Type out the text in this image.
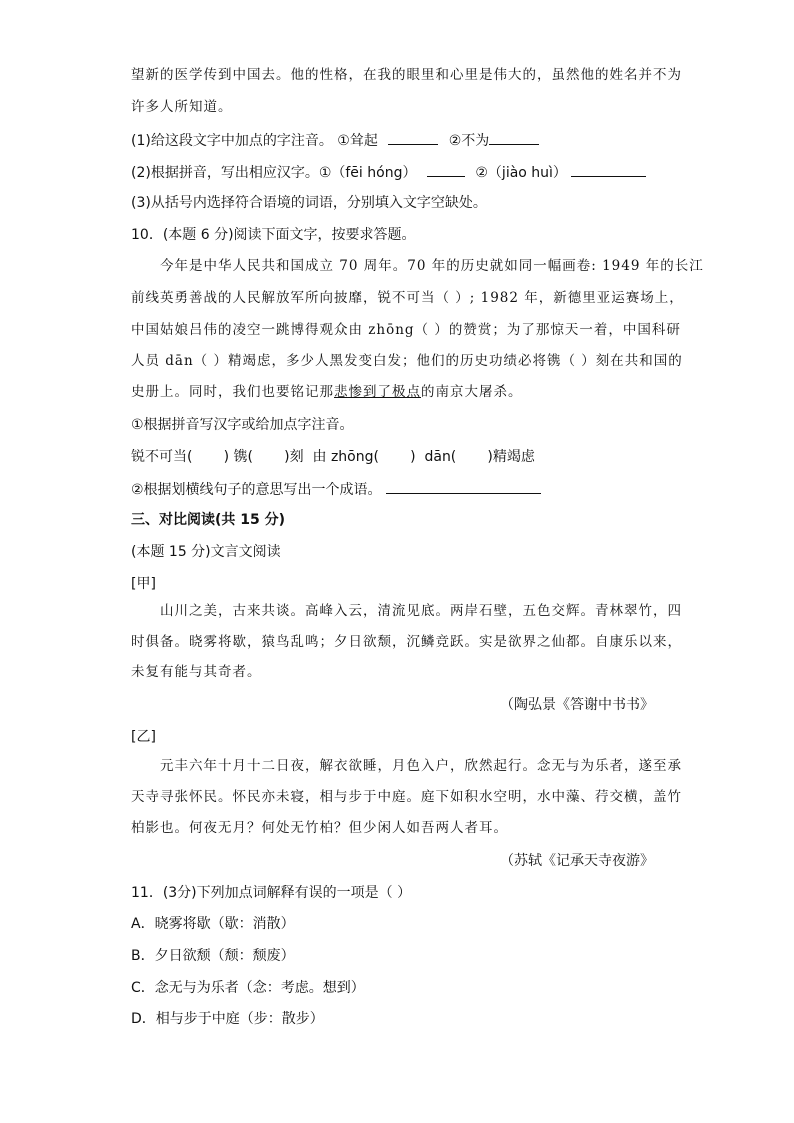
望新的医学传到中国去。他的性格，在我的眼里和心里是伟大的，虽然他的姓名并不为
许多人所知道。
(1)给这段文字中加点的字注音。 ①耸起	②不为
(2)根据拼音，写出相应汉字。①（fēi hóng）	②（jiào huì）
(3)从括号内选择符合语境的词语，分别填入文字空缺处。
10．(本题 6 分)阅读下面文字，按要求答题。
今年是中华人民共和国成立 70 周年。70 年的历史就如同一幅画卷: 1949 年的长江
前线英勇善战的人民解放军所向披靡，锐不可当（ ）; 1982 年，新德里亚运赛场上，
中国姑娘吕伟的凌空一跳博得观众由 zhōng（ ）的赞赏；为了那惊天一着，中国科研
人员 dān（ ）精竭虑，多少人黑发变白发；他们的历史功绩必将镌（ ）刻在共和国的
史册上。同时，我们也要铭记那悲惨到了极点的南京大屠杀。
①根据拼音写汉字或给加点字注音。
锐不可当(       ) 镌(       )刻  由 zhōng(       )  dān(       )精竭虑
②根据划横线句子的意思写出一个成语。
三、对比阅读(共 15 分)
(本题 15 分)文言文阅读
[甲]
山川之美，古来共谈。高峰入云，清流见底。两岸石壁，五色交辉。青林翠竹，四
时俱备。晓雾将歇，猿鸟乱鸣；夕日欲颓，沉鳞竞跃。实是欲界之仙都。自康乐以来，
未复有能与其奇者。
（陶弘景《答谢中书书》
[乙]
元丰六年十月十二日夜，解衣欲睡，月色入户，欣然起行。念无与为乐者，遂至承
天寺寻张怀民。怀民亦未寝，相与步于中庭。庭下如积水空明，水中藻、荇交横，盖竹
柏影也。何夜无月？何处无竹柏？但少闲人如吾两人者耳。
（苏轼《记承天寺夜游》
11．(3分)下列加点词解释有误的一项是（ ）
A．晓雾将歇（歇：消散）
B．夕日欲颓（颓：颓废）
C．念无与为乐者（念：考虑。想到）
D．相与步于中庭（步：散步）
